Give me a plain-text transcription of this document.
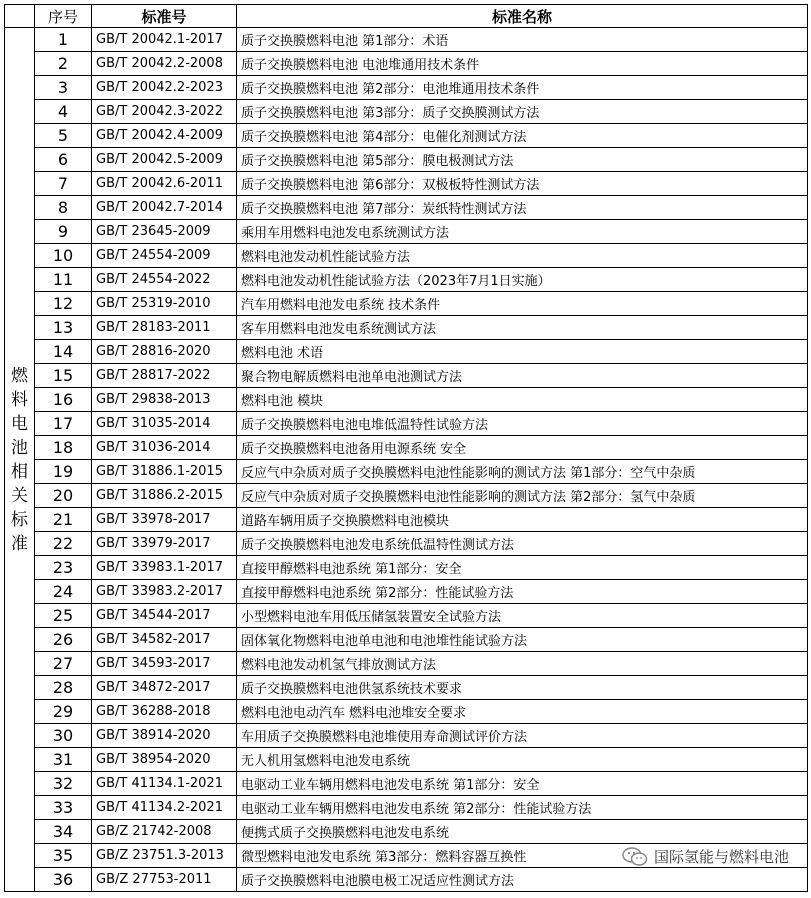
	序号	标准号	标准名称

燃料电池相关标准	1	GB/T 20042.1-2017	质子交换膜燃料电池 第1部分：术语
	2	GB/T 20042.2-2008	质子交换膜燃料电池 电池堆通用技术条件
	3	GB/T 20042.2-2023	质子交换膜燃料电池 第2部分：电池堆通用技术条件
	4	GB/T 20042.3-2022	质子交换膜燃料电池 第3部分：质子交换膜测试方法
	5	GB/T 20042.4-2009	质子交换膜燃料电池 第4部分：电催化剂测试方法
	6	GB/T 20042.5-2009	质子交换膜燃料电池 第5部分：膜电极测试方法
	7	GB/T 20042.6-2011	质子交换膜燃料电池 第6部分：双极板特性测试方法
	8	GB/T 20042.7-2014	质子交换膜燃料电池 第7部分：炭纸特性测试方法
	9	GB/T 23645-2009	乘用车用燃料电池发电系统测试方法
	10	GB/T 24554-2009	燃料电池发动机性能试验方法
	11	GB/T 24554-2022	燃料电池发动机性能试验方法（2023年7月1日实施）
	12	GB/T 25319-2010	汽车用燃料电池发电系统 技术条件
	13	GB/T 28183-2011	客车用燃料电池发电系统测试方法
	14	GB/T 28816-2020	燃料电池 术语
	15	GB/T 28817-2022	聚合物电解质燃料电池单电池测试方法
	16	GB/T 29838-2013	燃料电池 模块
	17	GB/T 31035-2014	质子交换膜燃料电池电堆低温特性试验方法
	18	GB/T 31036-2014	质子交换膜燃料电池备用电源系统 安全
	19	GB/T 31886.1-2015	反应气中杂质对质子交换膜燃料电池性能影响的测试方法 第1部分：空气中杂质
	20	GB/T 31886.2-2015	反应气中杂质对质子交换膜燃料电池性能影响的测试方法 第2部分：氢气中杂质
	21	GB/T 33978-2017	道路车辆用质子交换膜燃料电池模块
	22	GB/T 33979-2017	质子交换膜燃料电池发电系统低温特性测试方法
	23	GB/T 33983.1-2017	直接甲醇燃料电池系统 第1部分：安全
	24	GB/T 33983.2-2017	直接甲醇燃料电池系统 第2部分：性能试验方法
	25	GB/T 34544-2017	小型燃料电池车用低压储氢装置安全试验方法
	26	GB/T 34582-2017	固体氧化物燃料电池单电池和电池堆性能试验方法
	27	GB/T 34593-2017	燃料电池发动机氢气排放测试方法
	28	GB/T 34872-2017	质子交换膜燃料电池供氢系统技术要求
	29	GB/T 36288-2018	燃料电池电动汽车 燃料电池堆安全要求
	30	GB/T 38914-2020	车用质子交换膜燃料电池堆使用寿命测试评价方法
	31	GB/T 38954-2020	无人机用氢燃料电池发电系统
	32	GB/T 41134.1-2021	电驱动工业车辆用燃料电池发电系统 第1部分：安全
	33	GB/T 41134.2-2021	电驱动工业车辆用燃料电池发电系统 第2部分：性能试验方法
	34	GB/Z 21742-2008	便携式质子交换膜燃料电池发电系统
	35	GB/Z 23751.3-2013	微型燃料电池发电系统 第3部分：燃料容器互换性
	36	GB/Z 27753-2011	质子交换膜燃料电池膜电极工况适应性测试方法
国际氢能与燃料电池
